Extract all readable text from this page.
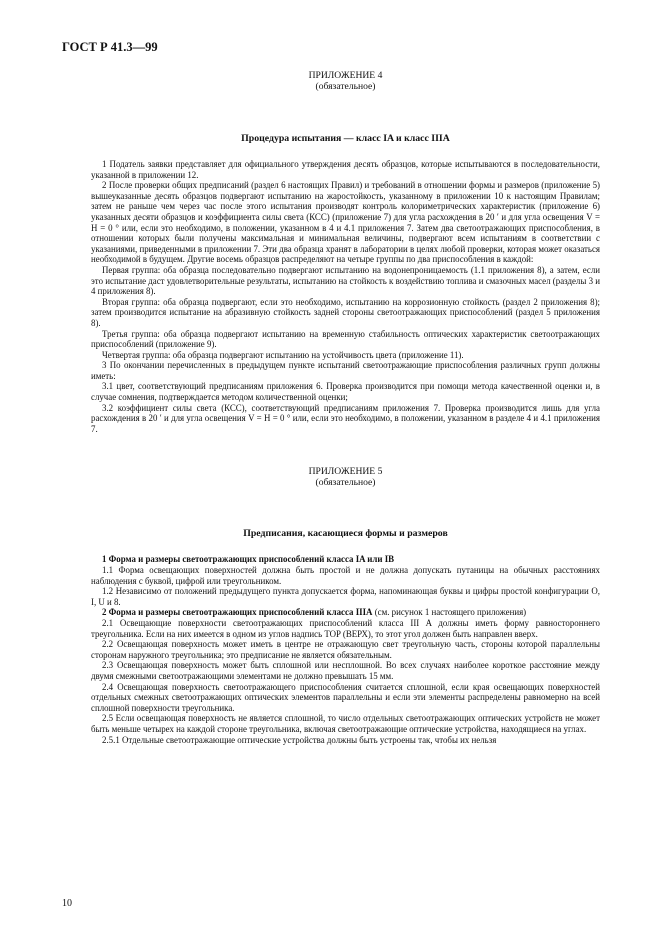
ГОСТ Р 41.3—99
ПРИЛОЖЕНИЕ 4
(обязательное)
Процедура испытания — класс IA и класс IIIA

1 Податель заявки представляет для официального утверждения десять образцов, которые испытываются в последовательности, указанной в приложении 12.

2 После проверки общих предписаний (раздел 6 настоящих Правил) и требований в отношении формы и размеров (приложение 5) вышеуказанные десять образцов подвергают испытанию на жаростойкость, указанному в приложении 10 к настоящим Правилам; затем не раньше чем через час после этого испытания производят контроль колориметрических характеристик (приложение 6) указанных десяти образцов и коэффициента силы света (КСС) (приложение 7) для угла расхождения в 20 ′ и для угла освещения V = H = 0 ° или, если это необходимо, в положении, указанном в 4 и 4.1 приложения 7. Затем два светоотражающих приспособления, в отношении которых были получены максимальная и минимальная величины, подвергают всем испытаниям в соответствии с указаниями, приведенными в приложении 7. Эти два образца хранят в лаборатории в целях любой проверки, которая может оказаться необходимой в будущем. Другие восемь образцов распределяют на четыре группы по два приспособления в каждой:

Первая группа: оба образца последовательно подвергают испытанию на водонепроницаемость (1.1 приложения 8), а затем, если это испытание даст удовлетворительные результаты, испытанию на стойкость к воздействию топлива и смазочных масел (разделы 3 и 4 приложения 8).

Вторая группа: оба образца подвергают, если это необходимо, испытанию на коррозионную стойкость (раздел 2 приложения 8); затем производится испытание на абразивную стойкость задней стороны светоотражающих приспособлений (раздел 5 приложения 8).

Третья группа: оба образца подвергают испытанию на временную стабильность оптических характеристик светоотражающих приспособлений (приложение 9).

Четвертая группа: оба образца подвергают испытанию на устойчивость цвета (приложение 11).

3 По окончании перечисленных в предыдущем пункте испытаний светоотражающие приспособления различных групп должны иметь:

3.1 цвет, соответствующий предписаниям приложения 6. Проверка производится при помощи метода качественной оценки и, в случае сомнения, подтверждается методом количественной оценки;

3.2 коэффициент силы света (КСС), соответствующий предписаниям приложения 7. Проверка производится лишь для угла расхождения в 20 ′ и для угла освещения V = H = 0 ° или, если это необходимо, в положении, указанном в разделе 4 и 4.1 приложения 7.

ПРИЛОЖЕНИЕ 5
(обязательное)
Предписания, касающиеся формы и размеров

1 Форма и размеры светоотражающих приспособлений класса IA или IB

1.1 Форма освещающих поверхностей должна быть простой и не должна допускать путаницы на обычных расстояниях наблюдения с буквой, цифрой или треугольником.

1.2 Независимо от положений предыдущего пункта допускается форма, напоминающая буквы и цифры простой конфигурации O, I, U и 8.

2 Форма и размеры светоотражающих приспособлений класса IIIA (см. рисунок 1 настоящего приложения)

2.1 Освещающие поверхности светоотражающих приспособлений класса III A должны иметь форму равностороннего треугольника. Если на них имеется в одном из углов надпись TOP (ВЕРХ), то этот угол должен быть направлен вверх.

2.2 Освещающая поверхность может иметь в центре не отражающую свет треугольную часть, стороны которой параллельны сторонам наружного треугольника; это предписание не является обязательным.

2.3 Освещающая поверхность может быть сплошной или несплошной. Во всех случаях наиболее короткое расстояние между двумя смежными светоотражающими элементами не должно превышать 15 мм.

2.4 Освещающая поверхность светоотражающего приспособления считается сплошной, если края освещающих поверхностей отдельных смежных светоотражающих оптических элементов параллельны и если эти элементы распределены равномерно на всей сплошной поверхности треугольника.

2.5 Если освещающая поверхность не является сплошной, то число отдельных светоотражающих оптических устройств не может быть меньше четырех на каждой стороне треугольника, включая светоотражающие оптические устройства, находящиеся на углах.

2.5.1 Отдельные светоотражающие оптические устройства должны быть устроены так, чтобы их нельзя

10
